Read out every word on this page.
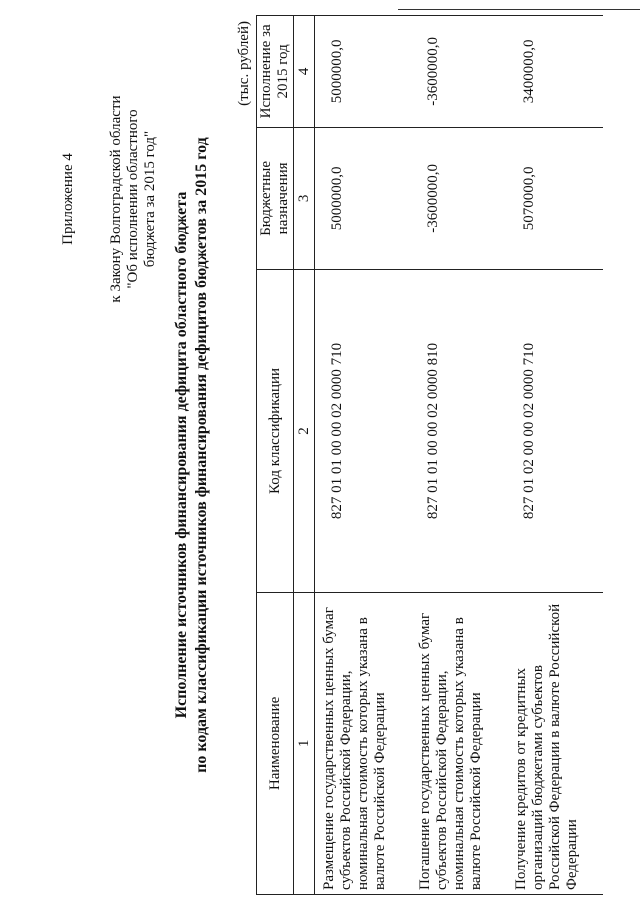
Приложение 4 к Закону Волгоградской области "Об исполнении областного бюджета за 2015 год" Исполнение источников финансирования дефицита областного бюджета по кодам классификации источников финансирования дефицитов бюджетов за 2015 год
(тыс. рублей)
Наименование	Код классификации	Бюджетные назначения	Исполнение за 2015 год
1	2	3	4
Размещение государственных ценных бумаг субъектов Российской Федерации, номинальная стоимость которых указана в валюте Российской Федерации	827 01 01 00 00 02 0000 710	5000000,0	5000000,0
Погашение государственных ценных бумаг субъектов Российской Федерации, номинальная стоимость которых указана в валюте Российской Федерации	827 01 01 00 00 02 0000 810	-3600000,0	-3600000,0
Получение кредитов от кредитных организаций бюджетами субъектов Российской Федерации в валюте Российской Федерации	827 01 02 00 00 02 0000 710	5070000,0	3400000,0
